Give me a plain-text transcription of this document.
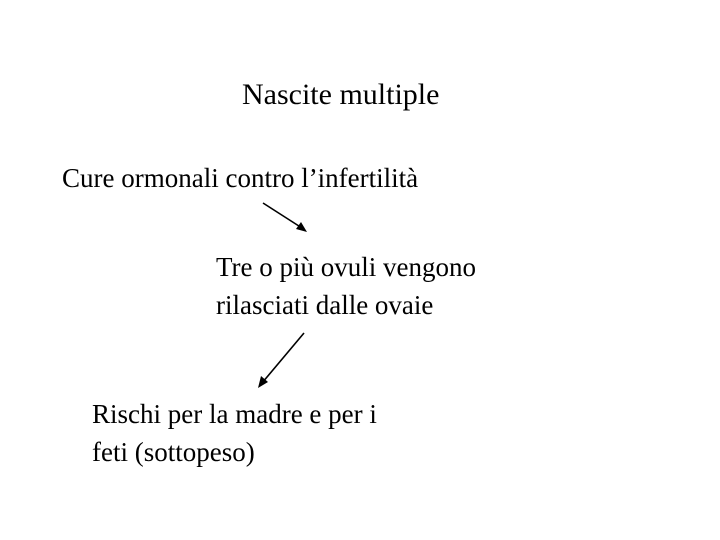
Nascite multiple
Cure ormonali contro l’infertilità
Tre o più ovuli vengono
rilasciati dalle ovaie
Rischi per la madre e per i
feti (sottopeso)
